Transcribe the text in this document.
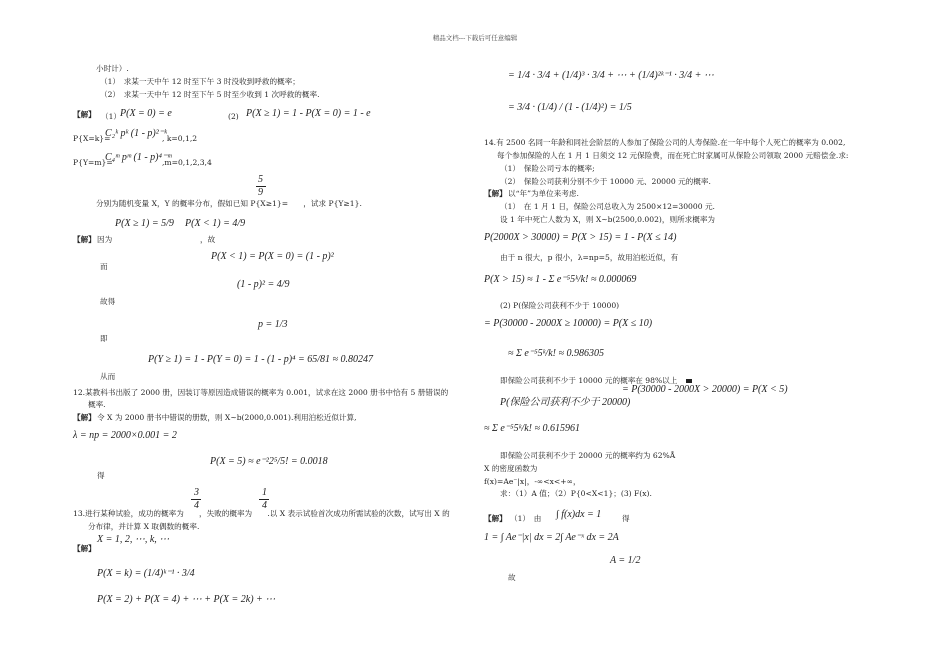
精品文档---下载后可任意编辑
小时计）.
（1）　求某一天中午 12 时至下午 3 时没收到呼救的概率；
（2）　求某一天中午 12 时至下午 5 时至少收到 1 次呼救的概率.
【解】 （1）
P(X = 0) = e	(2) P(X ≥ 1) = 1 - P(X = 0) = 1 - e
P{X=k}=
C₂ᵏ pᵏ (1 - p)²⁻ᵏ
, k=0,1,2
P{Y=m}=
C₄ᵐ pᵐ (1 - p)⁴⁻ᵐ
,m=0,1,2,3,4
5
9
分别为随机变量 X，Y 的概率分布，假如已知 P{X≥1}=　　，试求 P{Y≥1}.
P(X ≥ 1) = 5/9 P(X < 1) = 4/9
【解】 因为	，故
P(X < 1) = P(X = 0) = (1 - p)²
而
(1 - p)² = 4/9
故得
p = 1/3
即
P(Y ≥ 1) = 1 - P(Y = 0) = 1 - (1 - p)⁴ = 65/81 ≈ 0.80247
从而
12.某教科书出版了 2000 册，因装订等原因造成错误的概率为 0.001，试求在这 2000 册书中恰有 5 册错误的
概率.
【解】 令 X 为 2000 册书中错误的册数，则 X~b(2000,0.001).利用泊松近似计算,
λ = np = 2000×0.001 = 2
P(X = 5) ≈ e⁻²2⁵/5! = 0.0018
得
3
4
1
4
13.进行某种试验，成功的概率为　　，失败的概率为　　.以 X 表示试验首次成功所需试验的次数，试写出 X 的
分布律，并计算 X 取偶数的概率.
【解】
X = 1, 2, ⋯, k, ⋯
P(X = k) = (1/4)ᵏ⁻¹ · 3/4
P(X = 2) + P(X = 4) + ⋯ + P(X = 2k) + ⋯
= 1/4 · 3/4 + (1/4)³ · 3/4 + ⋯ + (1/4)²ᵏ⁻¹ · 3/4 + ⋯
= 3/4 · (1/4) / (1 - (1/4)²) = 1/5
14.有 2500 名同一年龄和同社会阶层的人参加了保险公司的人寿保险.在一年中每个人死亡的概率为 0.002,
每个参加保险的人在 1 月 1 日须交 12 元保险费，而在死亡时家属可从保险公司领取 2000 元赔偿金.求:
（1）　保险公司亏本的概率;
（2）　保险公司获利分别不少于 10000 元、20000 元的概率.
【解】 以“年”为单位来考虑.
（1）　在 1 月 1 日，保险公司总收入为 2500×12=30000 元.
设 1 年中死亡人数为 X，则 X~b(2500,0.002)，则所求概率为
P(2000X > 30000) = P(X > 15) = 1 - P(X ≤ 14)
由于 n 很大，p 很小，λ=np=5，故用泊松近似，有
P(X > 15) ≈ 1 - Σ e⁻⁵5ᵏ/k! ≈ 0.000069
(2) P(保险公司获利不少于 10000)
= P(30000 - 2000X ≥ 10000) = P(X ≤ 10)
≈ Σ e⁻⁵5ᵏ/k! ≈ 0.986305
即保险公司获利不少于 10000 元的概率在 98%以上
= P(30000 - 2000X > 20000) = P(X < 5)
P(保险公司获利不少于 20000)
≈ Σ e⁻⁵5ᵏ/k! ≈ 0.615961
即保险公司获利不少于 20000 元的概率约为 62%Å
X 的密度函数为
f(x)=Ae⁻|x|，-∞<x<+∞，
求：（1）A 值；（2）P{0<X<1}；(3) F(x).
【解】 （1）　由 ∫ f(x)dx = 1	得
1 = ∫ Ae⁻|x| dx = 2∫ Ae⁻ˣ dx = 2A
A = 1/2
故
